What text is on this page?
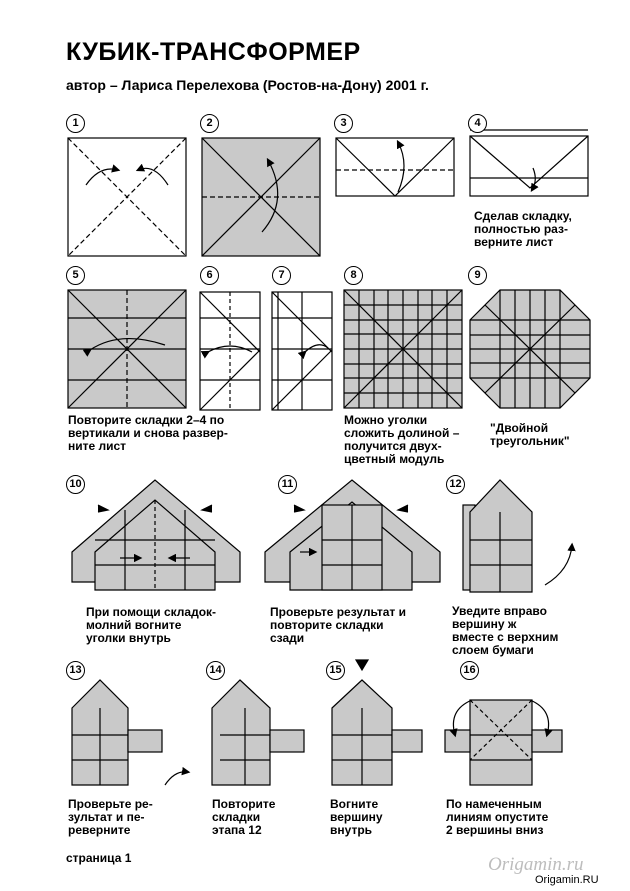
КУБИК-ТРАНСФОРМЕР
автор – Лариса Перелехова (Ростов-на-Дону) 2001 г.
1	2	3	4
5	6	7	8	9
10	11	12
13	14	15	16
Сделав складку,
полностью раз-
верните лист
Повторите складки 2–4 по
вертикали и снова развер-
ните лист
Можно уголки
сложить долиной –
получится двух-
цветный модуль
"Двойной
треугольник"
При помощи складок-
молний вогните
уголки внутрь
Проверьте результат и
повторите складки
сзади
Уведите вправо
вершину ж
вместе с верхним
слоем бумаги
Проверьте ре-
зультат и пе-
реверните
Повторите
складки
этапа 12
Вогните
вершину
внутрь
По намеченным
линиям опустите
2 вершины вниз
страница 1	Origamin.ru
Origamin.RU
